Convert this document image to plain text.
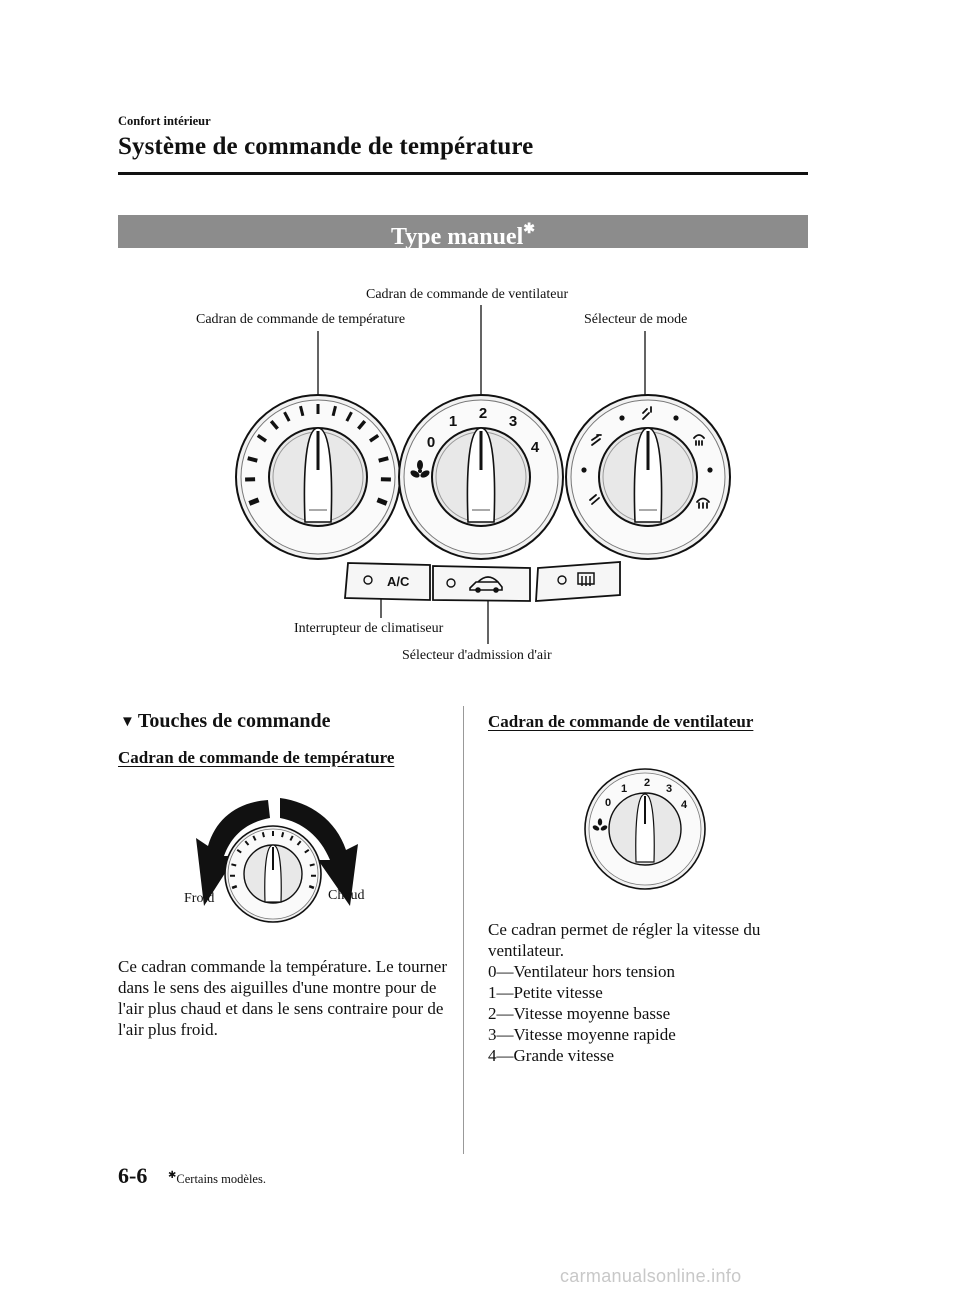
Confort intérieur
Système de commande de température
Type manuel✱
Cadran de commande de ventilateur
Cadran de commande de température	Sélecteur de mode
Interrupteur de climatiseur
Sélecteur d'admission d'air
0
1 2 3
4
A/C
▼ Touches de commande
Cadran de commande de température
Froid	Chaud
Ce cadran commande la température. Le tourner dans le sens des aiguilles d'une montre pour de l'air plus chaud et dans le sens contraire pour de l'air plus froid.
Cadran de commande de ventilateur
0
1 2 3
4
Ce cadran permet de régler la vitesse du ventilateur.
0―Ventilateur hors tension
1―Petite vitesse
2―Vitesse moyenne basse
3―Vitesse moyenne rapide
4―Grande vitesse
6-6 ✱Certains modèles.
carmanualsonline.info
